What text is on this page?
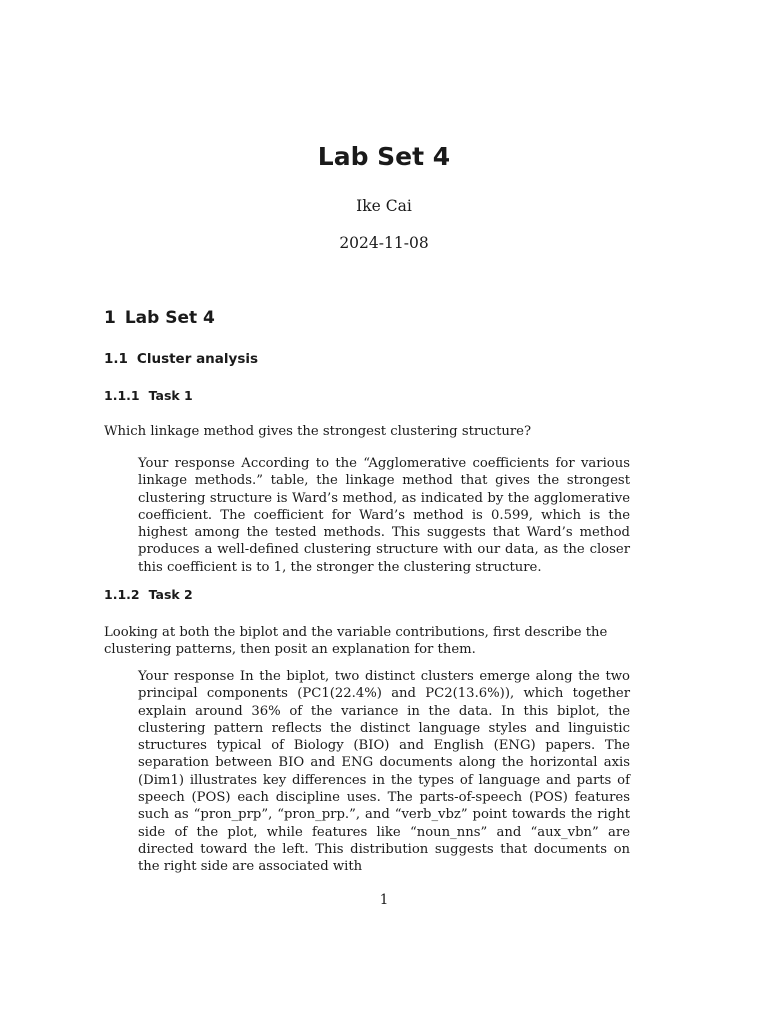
Lab Set 4
Ike Cai
2024-11-08
1 Lab Set 4
1.1 Cluster analysis
1.1.1 Task 1

Which linkage method gives the strongest clustering structure?

Your response According to the “Agglomerative coefficients for various linkage methods.” table, the linkage method that gives the strongest clustering structure is Ward’s method, as indicated by the agglomerative coefficient. The coefficient for Ward’s method is 0.599, which is the highest among the tested methods. This suggests that Ward’s method produces a well-defined clustering structure with our data, as the closer this coefficient is to 1, the stronger the clustering structure.

1.1.2 Task 2

Looking at both the biplot and the variable contributions, first describe the clustering patterns, then posit an explanation for them.

Your response In the biplot, two distinct clusters emerge along the two principal components (PC1(22.4%) and PC2(13.6%)), which together explain around 36% of the variance in the data. In this biplot, the clustering pattern reflects the distinct language styles and linguistic structures typical of Biology (BIO) and English (ENG) papers. The separation between BIO and ENG documents along the horizontal axis (Dim1) illustrates key differences in the types of language and parts of speech (POS) each discipline uses. The parts-of-speech (POS) features such as “pron_prp”, “pron_prp.”, and “verb_vbz” point towards the right side of the plot, while features like “noun_nns” and “aux_vbn” are directed toward the left. This distribution suggests that documents on the right side are associated with

1
